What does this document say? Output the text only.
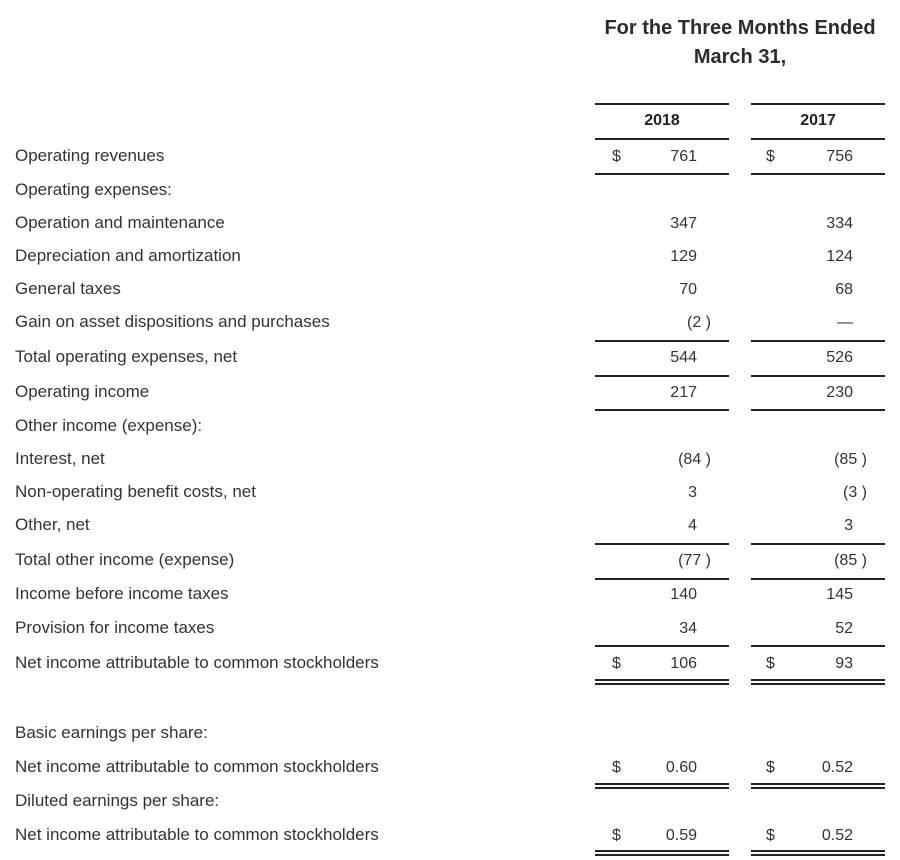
For the Three Months Ended
March 31,
2018	2017
Operating revenues	$	761	$	756
Operating expenses:
Operation and maintenance	347	334
Depreciation and amortization	129	124
General taxes	70	68
Gain on asset dispositions and purchases	(2 )	—
Total operating expenses, net	544	526
Operating income	217	230
Other income (expense):
Interest, net	(84 )	(85 )
Non-operating benefit costs, net	3	(3 )
Other, net	4	3
Total other income (expense)	(77 )	(85 )
Income before income taxes	140	145
Provision for income taxes	34	52
Net income attributable to common stockholders	$	106	$	93
Basic earnings per share:
Net income attributable to common stockholders	$	0.60	$	0.52
Diluted earnings per share:
Net income attributable to common stockholders	$	0.59	$	0.52
